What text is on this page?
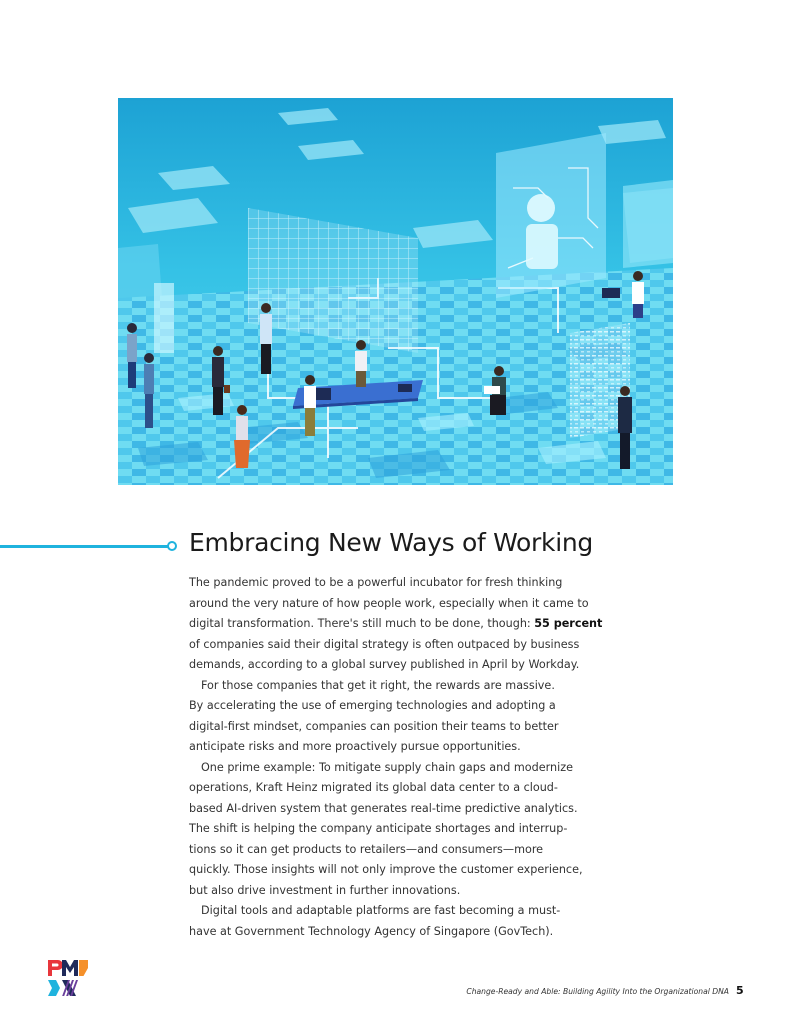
Embracing New Ways of Working

The pandemic proved to be a powerful incubator for fresh thinking
around the very nature of how people work, especially when it came to
digital transformation. There's still much to be done, though: 55 percent
of companies said their digital strategy is often outpaced by business
demands, according to a global survey published in April by Workday.

For those companies that get it right, the rewards are massive.
By accelerating the use of emerging technologies and adopting a
digital-first mindset, companies can position their teams to better
anticipate risks and more proactively pursue opportunities.

One prime example: To mitigate supply chain gaps and modernize
operations, Kraft Heinz migrated its global data center to a cloud-
based AI-driven system that generates real-time predictive analytics.
The shift is helping the company anticipate shortages and interrup-
tions so it can get products to retailers—and consumers—more
quickly. Those insights will not only improve the customer experience,
but also drive investment in further innovations.

Digital tools and adaptable platforms are fast becoming a must-
have at Government Technology Agency of Singapore (GovTech).

Change-Ready and Able: Building Agility Into the Organizational DNA 5
